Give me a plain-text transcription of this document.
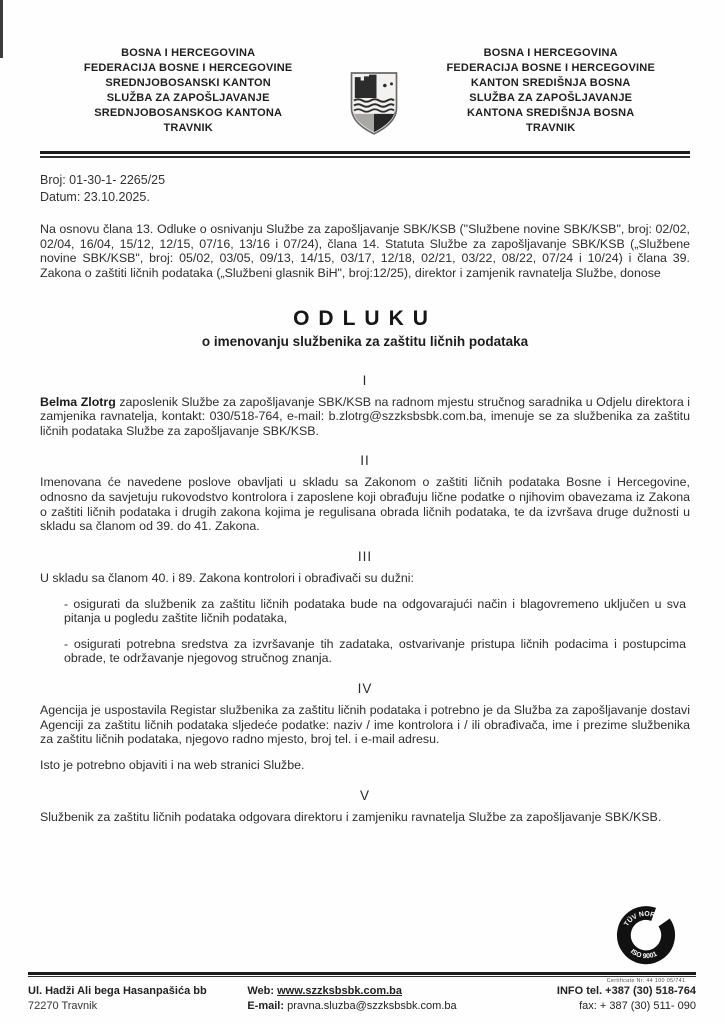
BOSNA I HERCEGOVINA
FEDERACIJA BOSNE I HERCEGOVINE
SREDNJOBOSANSKI KANTON
SLUŽBA ZA ZAPOŠLJAVANJE
SREDNJOBOSANSKOG KANTONA
TRAVNIK
BOSNA I HERCEGOVINA
FEDERACIJA BOSNE I HERCEGOVINE
KANTON SREDIŠNJA BOSNA
SLUŽBA ZA ZAPOŠLJAVANJE
KANTONA SREDIŠNJA BOSNA
TRAVNIK
Broj: 01-30-1- 2265/25
Datum: 23.10.2025.

Na osnovu člana 13. Odluke o osnivanju Službe za zapošljavanje SBK/KSB ("Službene novine SBK/KSB", broj: 02/02, 02/04, 16/04, 15/12, 12/15, 07/16, 13/16 i 07/24), člana 14. Statuta Službe za zapošljavanje SBK/KSB („Službene novine SBK/KSB", broj: 05/02, 03/05, 09/13, 14/15, 03/17, 12/18, 02/21, 03/22, 08/22, 07/24 i 10/24) i člana 39. Zakona o zaštiti ličnih podataka („Službeni glasnik BiH", broj:12/25), direktor i zamjenik ravnatelja Službe, donose

ODLUKU
o imenovanju službenika za zaštitu ličnih podataka
I

Belma Zlotrg zaposlenik Službe za zapošljavanje SBK/KSB na radnom mjestu stručnog saradnika u Odjelu direktora i zamjenika ravnatelja, kontakt: 030/518-764, e-mail: b.zlotrg@szzksbsbk.com.ba, imenuje se za službenika za zaštitu ličnih podataka Službe za zapošljavanje SBK/KSB.

II

Imenovana će navedene poslove obavljati u skladu sa Zakonom o zaštiti ličnih podataka Bosne i Hercegovine, odnosno da savjetuju rukovodstvo kontrolora i zaposlene koji obrađuju lične podatke o njihovim obavezama iz Zakona o zaštiti ličnih podataka i drugih zakona kojima je regulisana obrada ličnih podataka, te da izvršava druge dužnosti u skladu sa članom od 39. do 41. Zakona.

III

U skladu sa članom 40. i 89. Zakona kontrolori i obrađivači su dužni:

- osigurati da službenik za zaštitu ličnih podataka bude na odgovarajući način i blagovremeno uključen u sva pitanja u pogledu zaštite ličnih podataka,

- osigurati potrebna sredstva za izvršavanje tih zadataka, ostvarivanje pristupa ličnih podacima i postupcima obrade, te održavanje njegovog stručnog znanja.

IV

Agencija je uspostavila Registar službenika za zaštitu ličnih podataka i potrebno je da Služba za zapošljavanje dostavi Agenciji za zaštitu ličnih podataka sljedeće podatke: naziv / ime kontrolora i / ili obrađivača, ime i prezime službenika za zaštitu ličnih podataka, njegovo radno mjesto, broj tel. i e-mail adresu.

Isto je potrebno objaviti i na web stranici Službe.

V

Službenik za zaštitu ličnih podataka odgovara direktoru i zamjeniku ravnatelja Službe za zapošljavanje SBK/KSB.

Ul. Hadži Ali bega Hasanpašića bb
72270 Travnik
Web: www.szzksbsbk.com.ba
E-mail: pravna.sluzba@szzksbsbk.com.ba
INFO tel. +387 (30) 518-764
fax: + 387 (30) 511- 090
TÜV NORD
ISO 9001
Certificate Nr. 44 100 05/741
